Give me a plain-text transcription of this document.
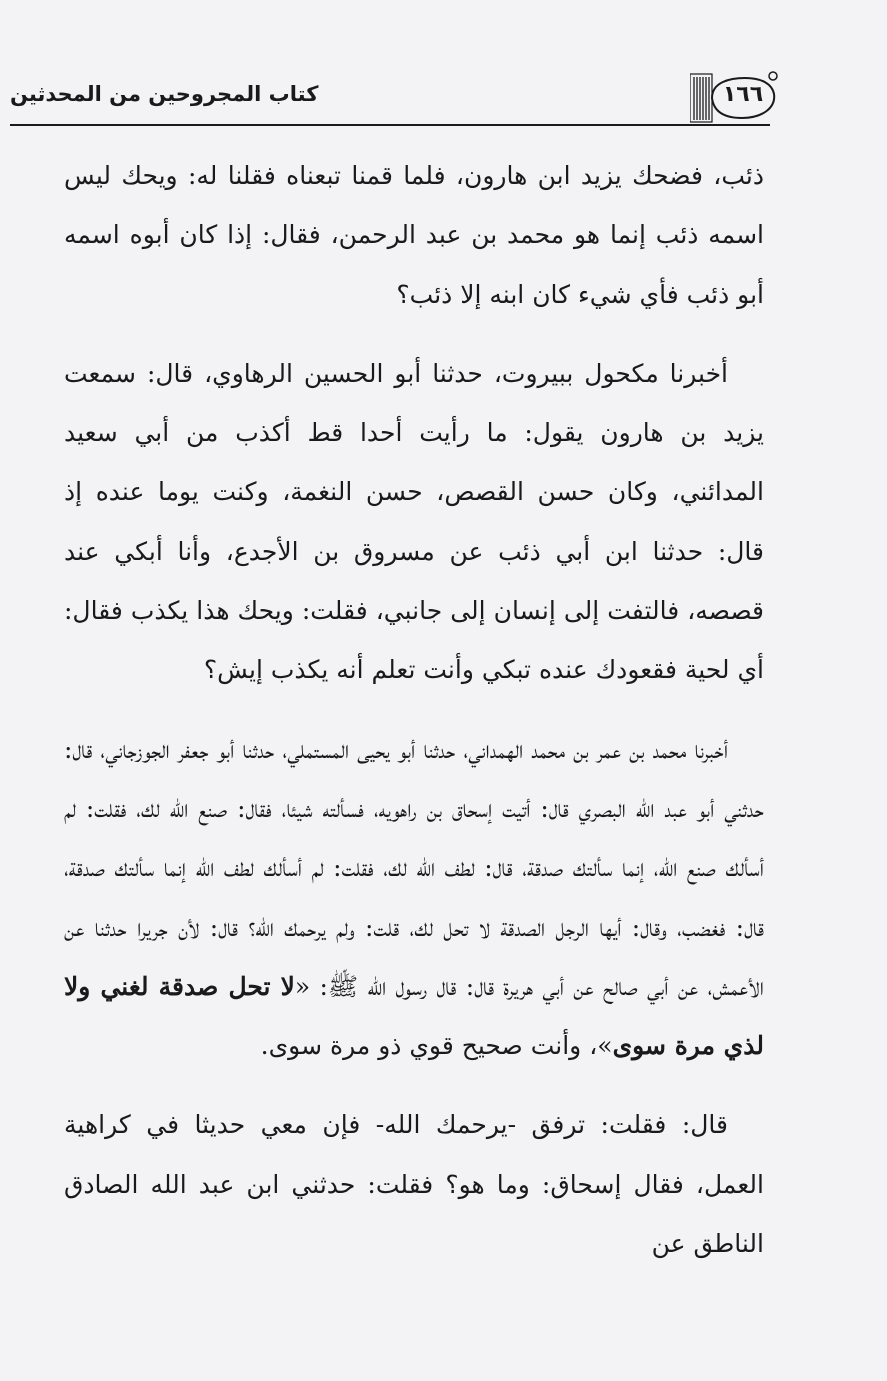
كتاب المجروحين من المحدثين	١٦٦

ذئب، فضحك يزيد ابن هارون، فلما قمنا تبعناه فقلنا له: ويحك ليس اسمه ذئب إنما هو محمد بن عبد الرحمن، فقال: إذا كان أبوه اسمه أبو ذئب فأي شيء كان ابنه إلا ذئب؟

أخبرنا مكحول ببيروت، حدثنا أبو الحسين الرهاوي، قال: سمعت يزيد بن هارون يقول: ما رأيت أحدا قط أكذب من أبي سعيد المدائني، وكان حسن القصص، حسن النغمة، وكنت يوما عنده إذ قال: حدثنا ابن أبي ذئب عن مسروق بن الأجدع، وأنا أبكي عند قصصه، فالتفت إلى إنسان إلى جانبي، فقلت: ويحك هذا يكذب فقال: أي لحية فقعودك عنده تبكي وأنت تعلم أنه يكذب إيش؟

أخبرنا محمد بن عمر بن محمد الهمداني، حدثنا أبو يحيى المستملي، حدثنا أبو جعفر الجوزجاني، قال: حدثني أبو عبد الله البصري قال: أتيت إسحاق بن راهويه، فسألته شيئا، فقال: صنع الله لك، فقلت: لم أسألك صنع الله، إنما سألتك صدقة، قال: لطف الله لك، فقلت: لم أسألك لطف الله إنما سألتك صدقة، قال: فغضب، وقال: أيها الرجل الصدقة لا تحل لك، قلت: ولم يرحمك الله؟ قال: لأن جريرا حدثنا عن الأعمش، عن أبي صالح عن أبي هريرة قال: قال رسول الله ﷺ: «لا تحل صدقة لغني ولا لذي مرة سوى»، وأنت صحيح قوي ذو مرة سوى.

قال: فقلت: ترفق -يرحمك الله- فإن معي حديثا في كراهية العمل، فقال إسحاق: وما هو؟ فقلت: حدثني ابن عبد الله الصادق الناطق عن
